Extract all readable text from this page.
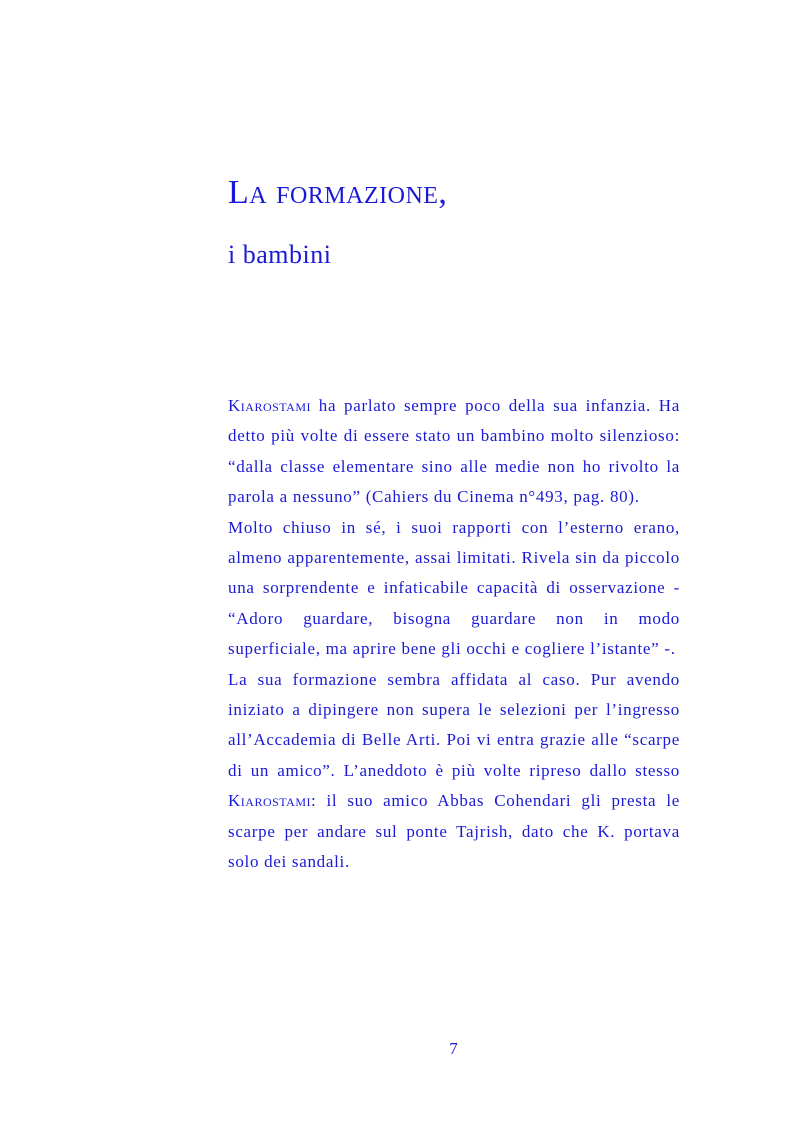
La formazione,
i bambini

Kiarostami ha parlato sempre poco della sua infanzia. Ha detto più volte di essere stato un bambino molto silenzioso: “dalla classe elementare sino alle medie non ho rivolto la parola a nessuno” (Cahiers du Cinema n°493, pag. 80).

Molto chiuso in sé, i suoi rapporti con l’esterno erano, almeno apparentemente, assai limitati. Rivela sin da piccolo una sorprendente e infaticabile capacità di osservazione - “Adoro guardare, bisogna guardare non in modo superficiale, ma aprire bene gli occhi e cogliere l’istante” -.

La sua formazione sembra affidata al caso. Pur avendo iniziato a dipingere non supera le selezioni per l’ingresso all’Accademia di Belle Arti. Poi vi entra grazie alle “scarpe di un amico”. L’aneddoto è più volte ripreso dallo stesso Kiarostami: il suo amico Abbas Cohendari gli presta le scarpe per andare sul ponte Tajrish, dato che K. portava solo dei sandali.

7
